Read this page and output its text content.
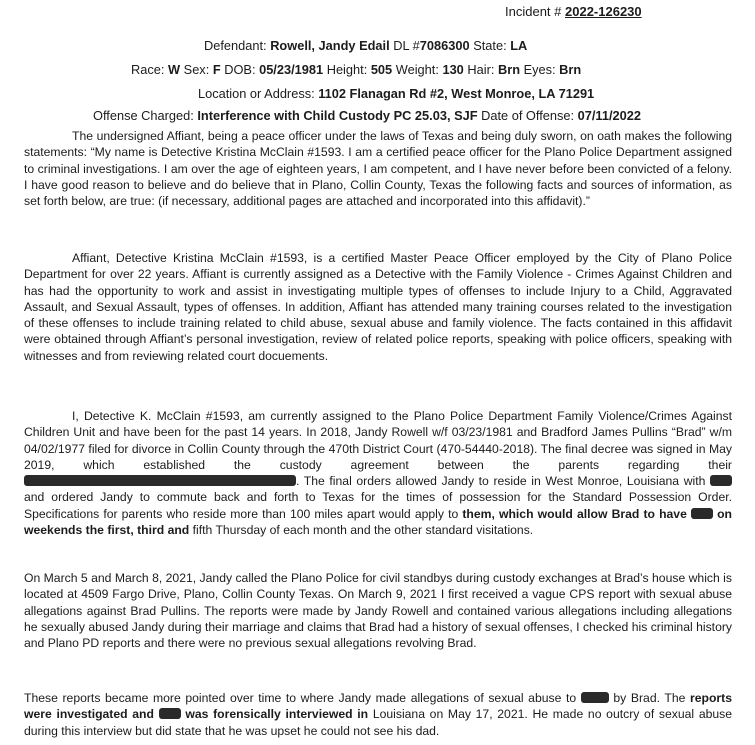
Incident # 2022-126230
Defendant: Rowell, Jandy Edail DL #7086300 State: LA
Race: W Sex: F DOB: 05/23/1981 Height: 505 Weight: 130 Hair: Brn Eyes: Brn
Location or Address: 1102 Flanagan Rd #2, West Monroe, LA 71291
Offense Charged: Interference with Child Custody PC 25.03, SJF Date of Offense: 07/11/2022

The undersigned Affiant, being a peace officer under the laws of Texas and being duly sworn, on oath makes the following statements: “My name is Detective Kristina McClain #1593. I am a certified peace officer for the Plano Police Department assigned to criminal investigations. I am over the age of eighteen years, I am competent, and I have never before been convicted of a felony. I have good reason to believe and do believe that in Plano, Collin County, Texas the following facts and sources of information, as set forth below, are true: (if necessary, additional pages are attached and incorporated into this affidavit).”

Affiant, Detective Kristina McClain #1593, is a certified Master Peace Officer employed by the City of Plano Police Department for over 22 years. Affiant is currently assigned as a Detective with the Family Violence - Crimes Against Children and has had the opportunity to work and assist in investigating multiple types of offenses to include Injury to a Child, Aggravated Assault, and Sexual Assault, types of offenses. In addition, Affiant has attended many training courses related to the investigation of these offenses to include training related to child abuse, sexual abuse and family violence. The facts contained in this affidavit were obtained through Affiant’s personal investigation, review of related police reports, speaking with police officers, speaking with witnesses and from reviewing related court docuements.

I, Detective K. McClain #1593, am currently assigned to the Plano Police Department Family Violence/Crimes Against Children Unit and have been for the past 14 years. In 2018, Jandy Rowell w/f 03/23/1981 and Bradford James Pullins “Brad” w/m 04/02/1977 filed for divorce in Collin County through the 470th District Court (470-54440-2018). The final decree was signed in May 2019, which established the custody agreement between the parents regarding their . The final orders allowed Jandy to reside in West Monroe, Louisiana with  and ordered Jandy to commute back and forth to Texas for the times of possession for the Standard Possession Order. Specifications for parents who reside more than 100 miles apart would apply to them, which would allow Brad to have on weekends the first, third and fifth Thursday of each month and the other standard visitations.

On March 5 and March 8, 2021, Jandy called the Plano Police for civil standbys during custody exchanges at Brad’s house which is located at 4509 Fargo Drive, Plano, Collin County Texas. On March 9, 2021 I first received a vague CPS report with sexual abuse allegations against Brad Pullins. The reports were made by Jandy Rowell and contained various allegations including allegations he sexually abused Jandy during their marriage and claims that Brad had a history of sexual offenses, I checked his criminal history and Plano PD reports and there were no previous sexual allegations revolving Brad.

These reports became more pointed over time to where Jandy made allegations of sexual abuse to	by Brad. The reports were investigated and	was forensically interviewed in Louisiana on May 17, 2021. He made no outcry of sexual abuse during this interview but did state that he was upset he could not see his dad.
